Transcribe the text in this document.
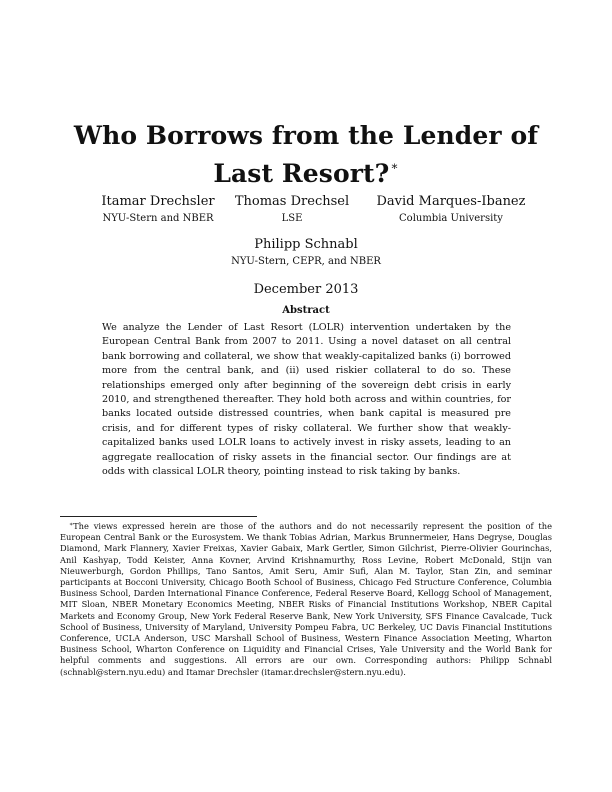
Who Borrows from the Lender of Last Resort?∗
Itamar Drechsler
NYU-Stern and NBER
Thomas Drechsel
LSE
David Marques-Ibanez
Columbia University
Philipp Schnabl
NYU-Stern, CEPR, and NBER
December 2013
Abstract
We analyze the Lender of Last Resort (LOLR) intervention undertaken by the European Central Bank from 2007 to 2011. Using a novel dataset on all central bank borrowing and collateral, we show that weakly-capitalized banks (i) borrowed more from the central bank, and (ii) used riskier collateral to do so. These relationships emerged only after beginning of the sovereign debt crisis in early 2010, and strengthened thereafter. They hold both across and within countries, for banks located outside distressed countries, when bank capital is measured pre crisis, and for different types of risky collateral. We further show that weakly-capitalized banks used LOLR loans to actively invest in risky assets, leading to an aggregate reallocation of risky assets in the financial sector. Our findings are at odds with classical LOLR theory, pointing instead to risk taking by banks.
∗The views expressed herein are those of the authors and do not necessarily represent the position of the European Central Bank or the Eurosystem. We thank Tobias Adrian, Markus Brunnermeier, Hans Degryse, Douglas Diamond, Mark Flannery, Xavier Freixas, Xavier Gabaix, Mark Gertler, Simon Gilchrist, Pierre-Olivier Gourinchas, Anil Kashyap, Todd Keister, Anna Kovner, Arvind Krishnamurthy, Ross Levine, Robert McDonald, Stijn van Nieuwerburgh, Gordon Phillips, Tano Santos, Amit Seru, Amir Sufi, Alan M. Taylor, Stan Zin, and seminar participants at Bocconi University, Chicago Booth School of Business, Chicago Fed Structure Conference, Columbia Business School, Darden International Finance Conference, Federal Reserve Board, Kellogg School of Management, MIT Sloan, NBER Monetary Economics Meeting, NBER Risks of Financial Institutions Workshop, NBER Capital Markets and Economy Group, New York Federal Reserve Bank, New York University, SFS Finance Cavalcade, Tuck School of Business, University of Maryland, University Pompeu Fabra, UC Berkeley, UC Davis Financial Institutions Conference, UCLA Anderson, USC Marshall School of Business, Western Finance Association Meeting, Wharton Business School, Wharton Conference on Liquidity and Financial Crises, Yale University and the World Bank for helpful comments and suggestions. All errors are our own. Corresponding authors: Philipp Schnabl (schnabl@stern.nyu.edu) and Itamar Drechsler (itamar.drechsler@stern.nyu.edu).
